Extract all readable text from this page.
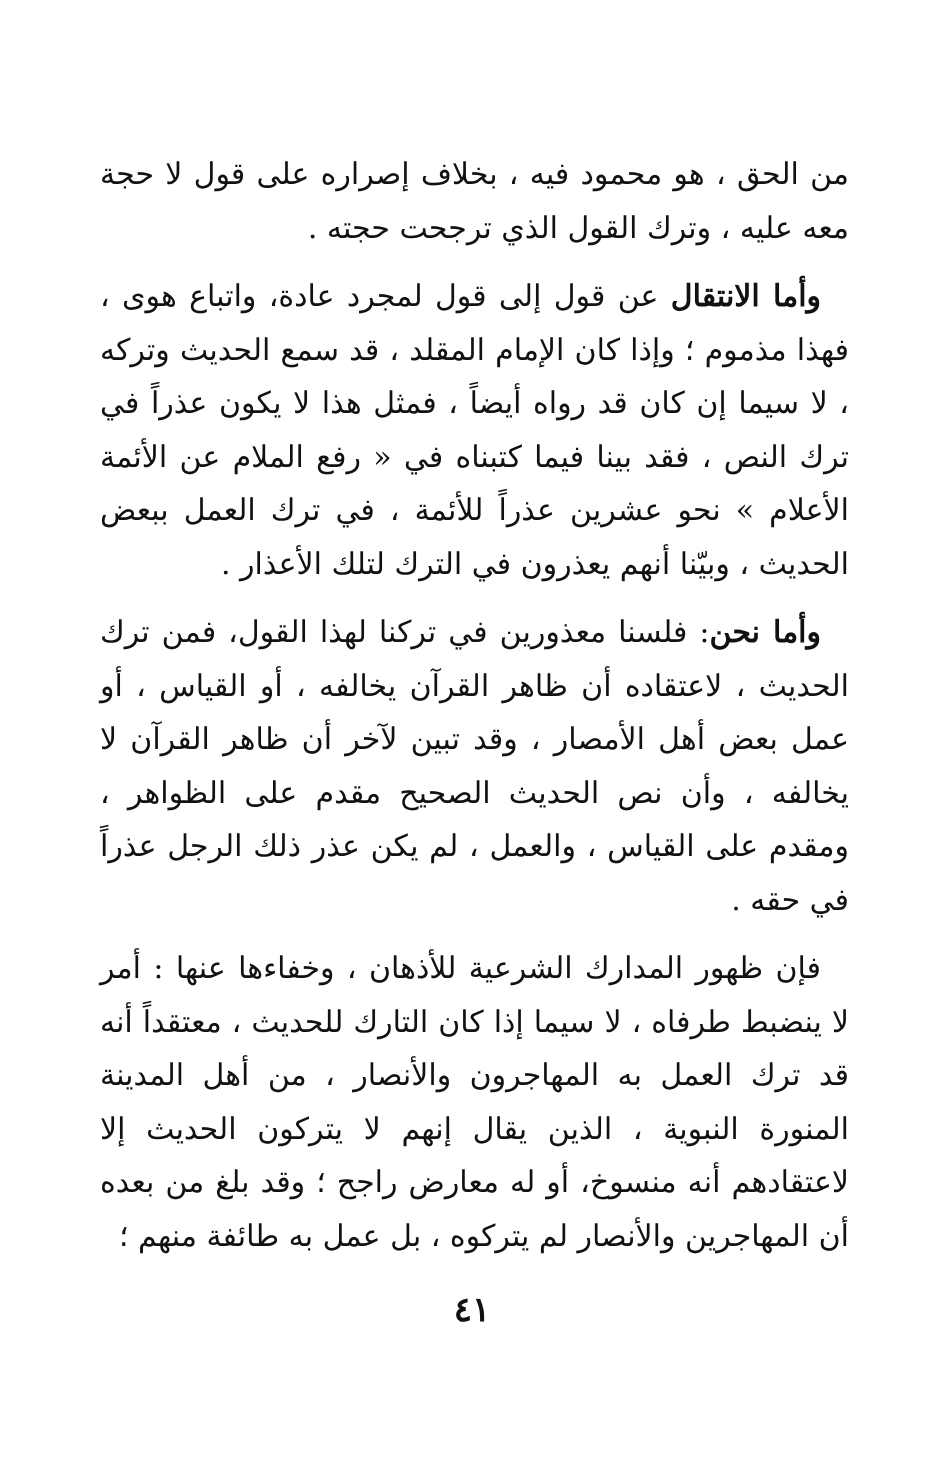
من الحق ، هو محمود فيه ، بخلاف إصراره على قول لا حجة معه عليه ، وترك القول الذي ترجحت حجته .

وأما الانتقال عن قول إلى قول لمجرد عادة، واتباع هوى ، فهذا مذموم ؛ وإذا كان الإمام المقلد ، قد سمع الحديث وتركه ، لا سيما إن كان قد رواه أيضاً ، فمثل هذا لا يكون عذراً في ترك النص ، فقد بينا فيما كتبناه في « رفع الملام عن الأئمة الأعلام » نحو عشرين عذراً للأئمة ، في ترك العمل ببعض الحديث ، وبيّنا أنهم يعذرون في الترك لتلك الأعذار .

وأما نحن: فلسنا معذورين في تركنا لهذا القول، فمن ترك الحديث ، لاعتقاده أن ظاهر القرآن يخالفه ، أو القياس ، أو عمل بعض أهل الأمصار ، وقد تبين لآخر أن ظاهر القرآن لا يخالفه ، وأن نص الحديث الصحيح مقدم على الظواهر ، ومقدم على القياس ، والعمل ، لم يكن عذر ذلك الرجل عذراً في حقه .

فإن ظهور المدارك الشرعية للأذهان ، وخفاءها عنها : أمر لا ينضبط طرفاه ، لا سيما إذا كان التارك للحديث ، معتقداً أنه قد ترك العمل به المهاجرون والأنصار ، من أهل المدينة المنورة النبوية ، الذين يقال إنهم لا يتركون الحديث إلا لاعتقادهم أنه منسوخ، أو له معارض راجح ؛ وقد بلغ من بعده أن المهاجرين والأنصار لم يتركوه ، بل عمل به طائفة منهم ؛

٤١
